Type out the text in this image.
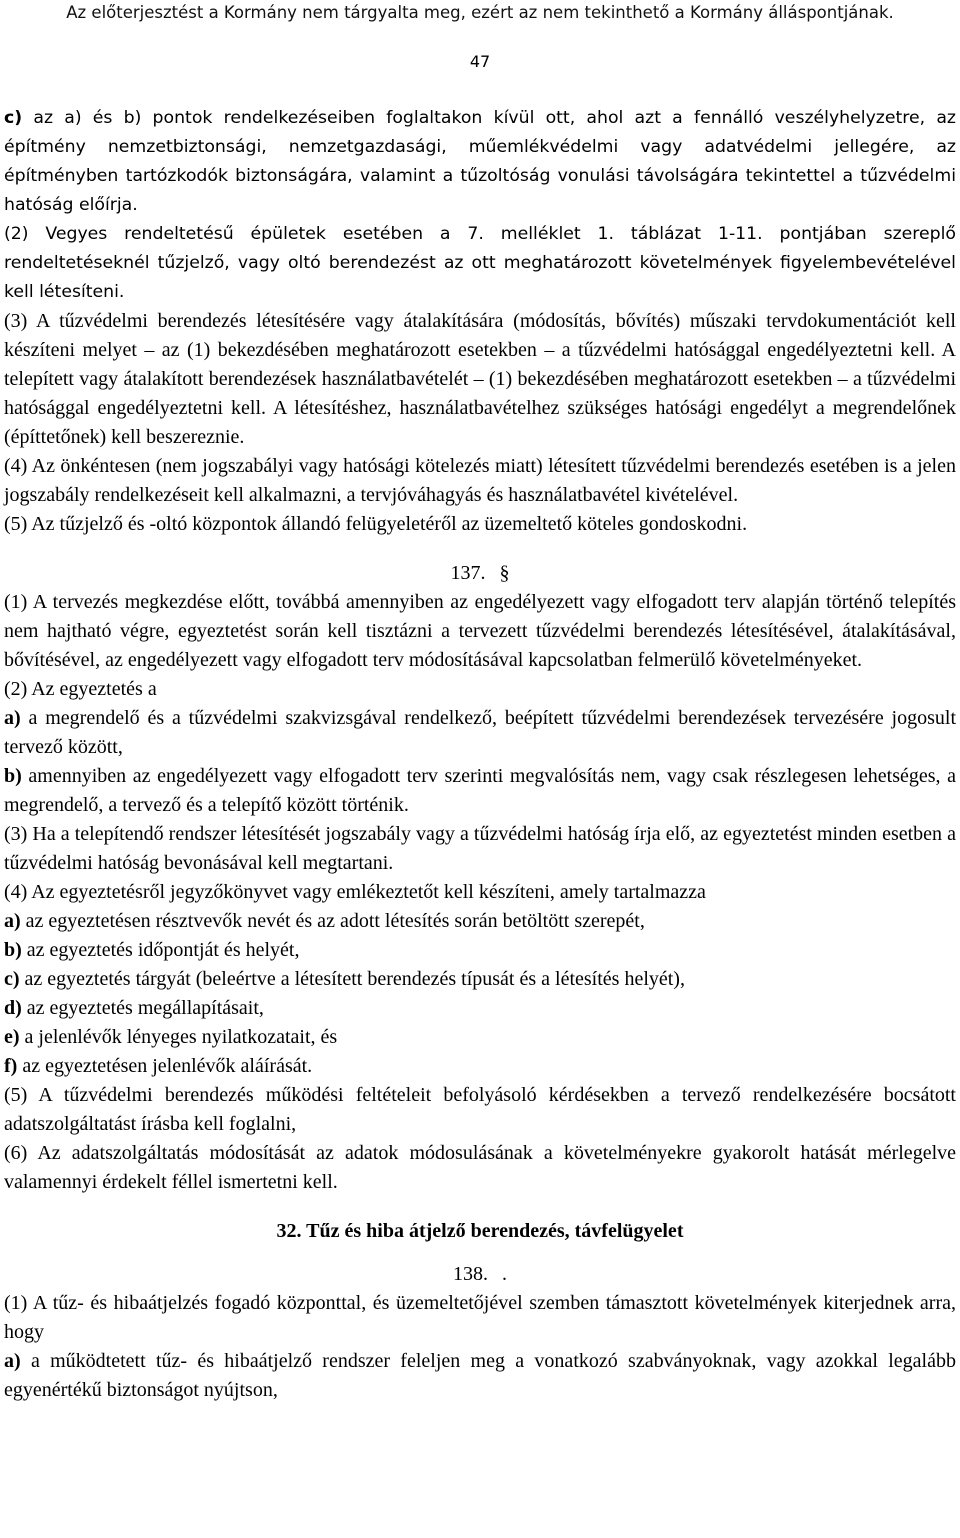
Az előterjesztést a Kormány nem tárgyalta meg, ezért az nem tekinthető a Kormány álláspontjának.
47

c) az a) és b) pontok rendelkezéseiben foglaltakon kívül ott, ahol azt a fennálló veszélyhelyzetre, az építmény nemzetbiztonsági, nemzetgazdasági, műemlékvédelmi vagy adatvédelmi jellegére, az építményben tartózkodók biztonságára, valamint a tűzoltóság vonulási távolságára tekintettel a tűzvédelmi hatóság előírja.

(2) Vegyes rendeltetésű épületek esetében a 7. melléklet 1. táblázat 1-11. pontjában szereplő rendeltetéseknél tűzjelző, vagy oltó berendezést az ott meghatározott követelmények figyelembevételével kell létesíteni.

(3) A tűzvédelmi berendezés létesítésére vagy átalakítására (módosítás, bővítés) műszaki tervdokumentációt kell készíteni melyet – az (1) bekezdésében meghatározott esetekben – a tűzvédelmi hatósággal engedélyeztetni kell. A telepített vagy átalakított berendezések használatbavételét – (1) bekezdésében meghatározott esetekben – a tűzvédelmi hatósággal engedélyeztetni kell. A létesítéshez, használatbavételhez szükséges hatósági engedélyt a megrendelőnek (építtetőnek) kell beszereznie.

(4) Az önkéntesen (nem jogszabályi vagy hatósági kötelezés miatt) létesített tűzvédelmi berendezés esetében is a jelen jogszabály rendelkezéseit kell alkalmazni, a tervjóváhagyás és használatbavétel kivételével.

(5) Az tűzjelző és -oltó központok állandó felügyeletéről az üzemeltető köteles gondoskodni.

137. §

(1) A tervezés megkezdése előtt, továbbá amennyiben az engedélyezett vagy elfogadott terv alapján történő telepítés nem hajtható végre, egyeztetést során kell tisztázni a tervezett tűzvédelmi berendezés létesítésével, átalakításával, bővítésével, az engedélyezett vagy elfogadott terv módosításával kapcsolatban felmerülő követelményeket.

(2) Az egyeztetés a

a) a megrendelő és a tűzvédelmi szakvizsgával rendelkező, beépített tűzvédelmi berendezések tervezésére jogosult tervező között,

b) amennyiben az engedélyezett vagy elfogadott terv szerinti megvalósítás nem, vagy csak részlegesen lehetséges, a megrendelő, a tervező és a telepítő között történik.

(3) Ha a telepítendő rendszer létesítését jogszabály vagy a tűzvédelmi hatóság írja elő, az egyeztetést minden esetben a tűzvédelmi hatóság bevonásával kell megtartani.

(4) Az egyeztetésről jegyzőkönyvet vagy emlékeztetőt kell készíteni, amely tartalmazza

a) az egyeztetésen résztvevők nevét és az adott létesítés során betöltött szerepét,

b) az egyeztetés időpontját és helyét,

c) az egyeztetés tárgyát (beleértve a létesített berendezés típusát és a létesítés helyét),

d) az egyeztetés megállapításait,

e) a jelenlévők lényeges nyilatkozatait, és

f) az egyeztetésen jelenlévők aláírását.

(5) A tűzvédelmi berendezés működési feltételeit befolyásoló kérdésekben a tervező rendelkezésére bocsátott adatszolgáltatást írásba kell foglalni,

(6) Az adatszolgáltatás módosítását az adatok módosulásának a követelményekre gyakorolt hatását mérlegelve valamennyi érdekelt féllel ismertetni kell.

32. Tűz és hiba átjelző berendezés, távfelügyelet

138. .

(1) A tűz- és hibaátjelzés fogadó központtal, és üzemeltetőjével szemben támasztott követelmények kiterjednek arra, hogy

a) a működtetett tűz- és hibaátjelző rendszer feleljen meg a vonatkozó szabványoknak, vagy azokkal legalább egyenértékű biztonságot nyújtson,
